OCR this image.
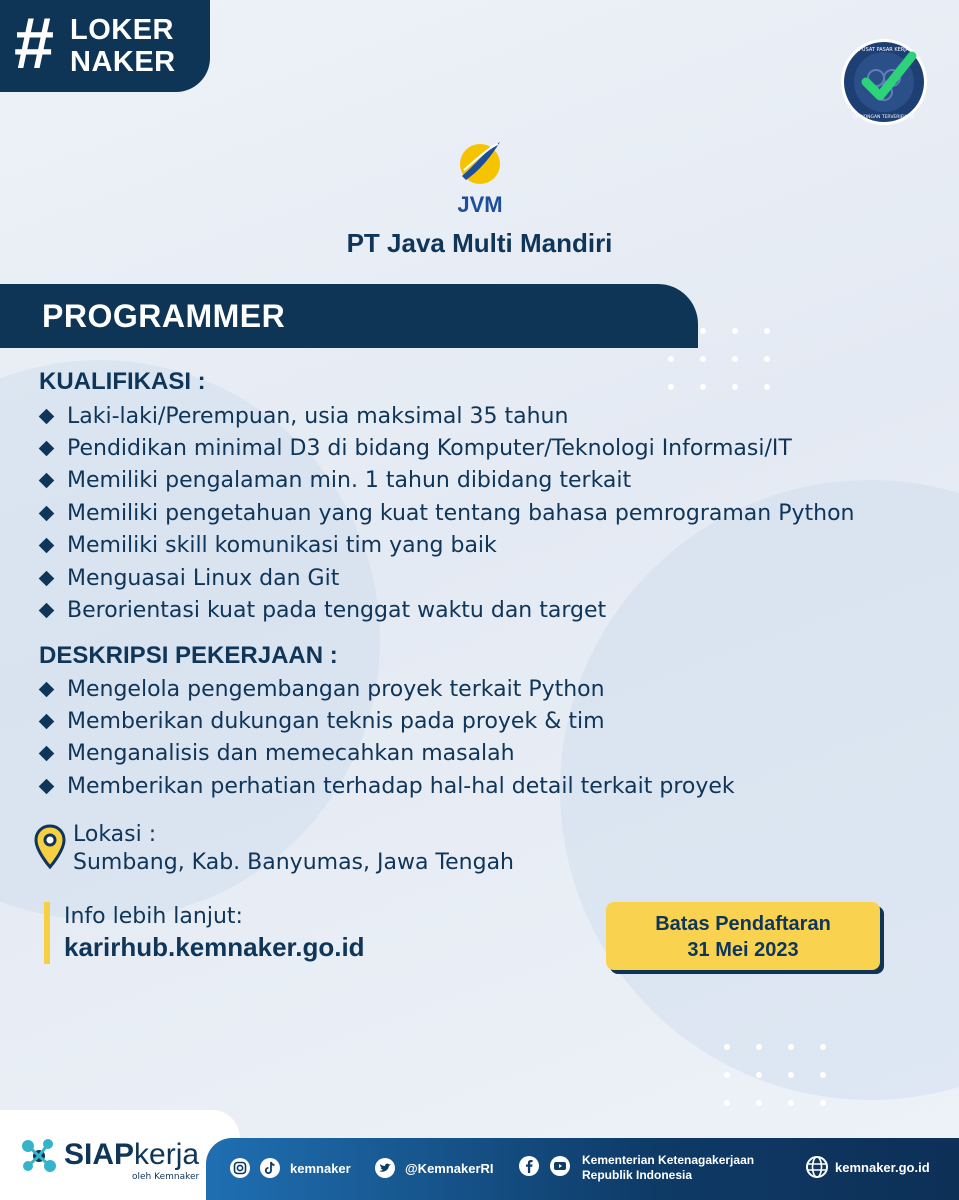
# LOKER
NAKER	PUSAT PASAR KERJA
LOWONGAN TERVERIFIKASI
JVM
PT Java Multi Mandiri
PROGRAMMER
KUALIFIKASI :
Laki-laki/Perempuan, usia maksimal 35 tahun
Pendidikan minimal D3 di bidang Komputer/Teknologi Informasi/IT
Memiliki pengalaman min. 1 tahun dibidang terkait
Memiliki pengetahuan yang kuat tentang bahasa pemrograman Python
Memiliki skill komunikasi tim yang baik
Menguasai Linux dan Git
Berorientasi kuat pada tenggat waktu dan target
DESKRIPSI PEKERJAAN :
Mengelola pengembangan proyek terkait Python
Memberikan dukungan teknis pada proyek & tim
Menganalisis dan memecahkan masalah
Memberikan perhatian terhadap hal-hal detail terkait proyek
Lokasi :
Sumbang, Kab. Banyumas, Jawa Tengah
Info lebih lanjut:
karirhub.kemnaker.go.id
Batas Pendaftaran
31 Mei 2023
SIAPkerja
oleh Kemnaker
kemnaker	@KemnakerRI
Kementerian Ketenagakerjaan
Republik Indonesia	kemnaker.go.id
